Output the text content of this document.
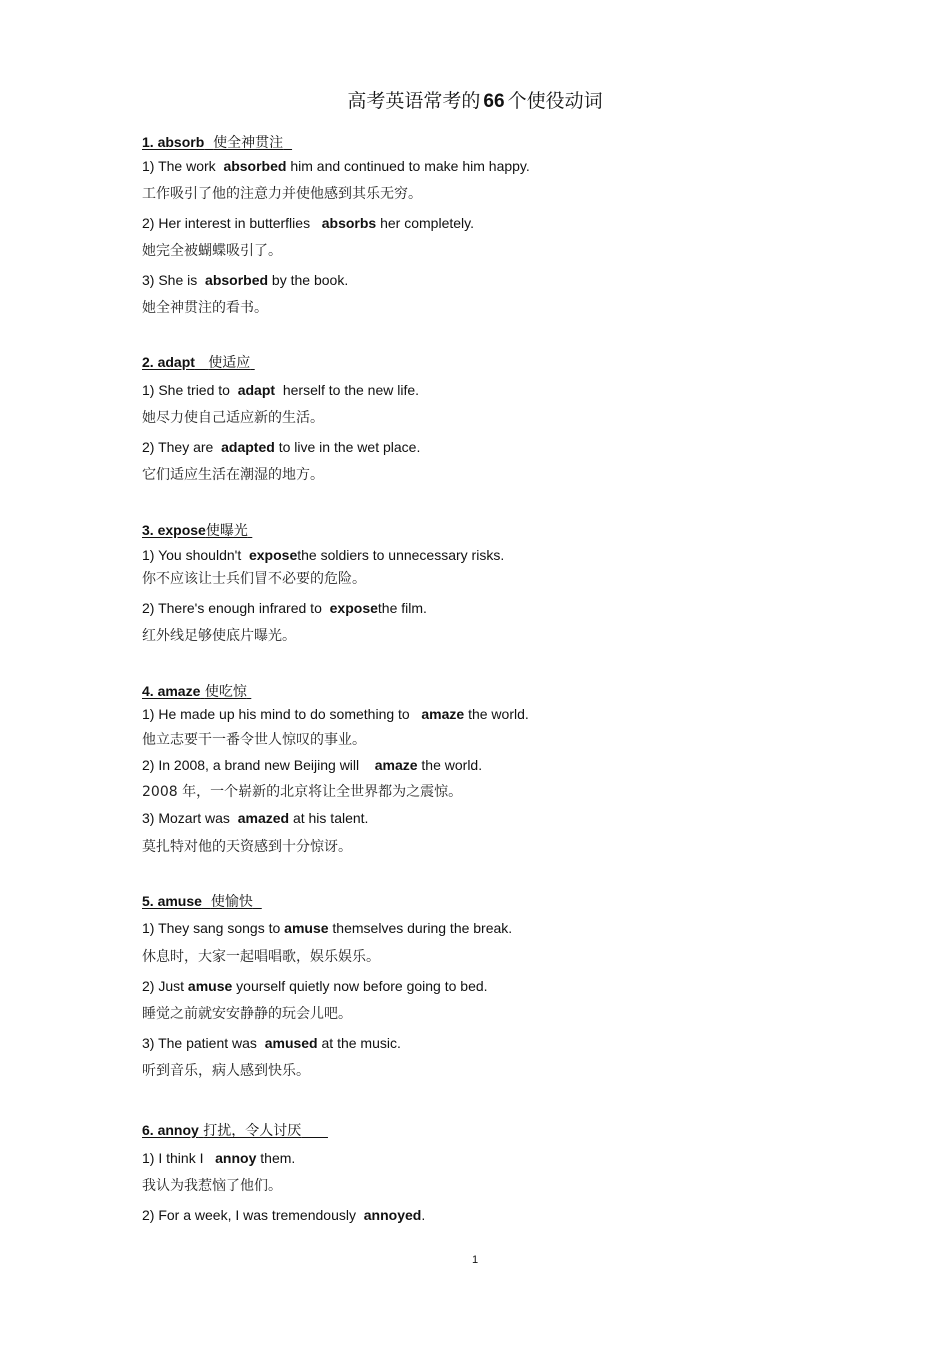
高考英语常考的 66 个使役动词
1. absorb 使全神贯注
1) The work  absorbed him and continued to make him happy.
工作吸引了他的注意力并使他感到其乐无穷。
2) Her interest in butterflies   absorbs her completely.
她完全被蝴蝶吸引了。
3) She is  absorbed by the book.
她全神贯注的看书。
2. adapt 使适应
1) She tried to  adapt  herself to the new life.
她尽力使自己适应新的生活。
2) They are  adapted to live in the wet place.
它们适应生活在潮湿的地方。
3. expose使曝光
1) You shouldn't  exposethe soldiers to unnecessary risks.
你不应该让士兵们冒不必要的危险。
2) There's enough infrared to  exposethe film.
红外线足够使底片曝光。
4. amaze 使吃惊
1) He made up his mind to do something to   amaze the world.
他立志要干一番令世人惊叹的事业。
2) In 2008, a brand new Beijing will    amaze the world.
2008 年，一个崭新的北京将让全世界都为之震惊。
3) Mozart was  amazed at his talent.
莫扎特对他的天资感到十分惊讶。
5. amuse 使愉快
1) They sang songs to amuse themselves during the break.
休息时，大家一起唱唱歌，娱乐娱乐。
2) Just amuse yourself quietly now before going to bed.
睡觉之前就安安静静的玩会儿吧。
3) The patient was  amused at the music.
听到音乐，病人感到快乐。
6. annoy 打扰，令人讨厌
1) I think I   annoy them.
我认为我惹恼了他们。
2) For a week, I was tremendously  annoyed.
1
